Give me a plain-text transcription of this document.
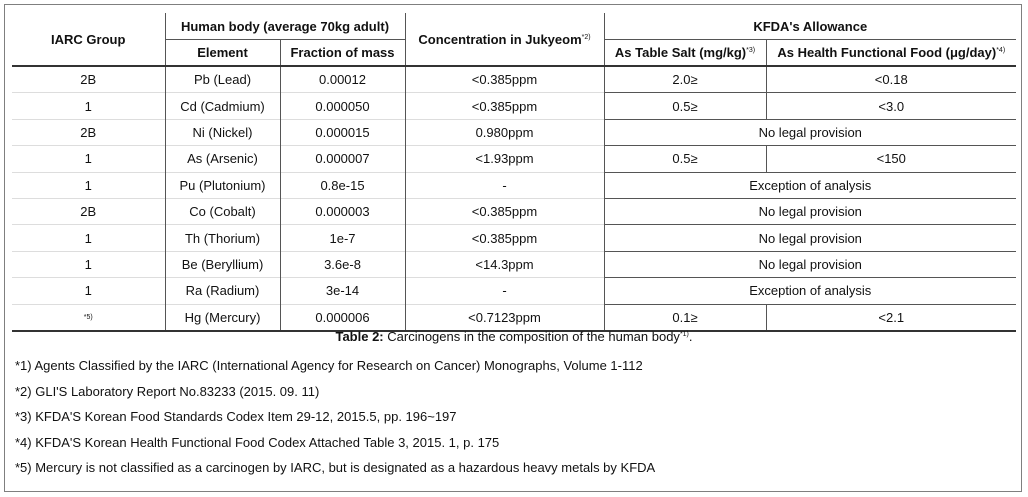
IARC Group	Human body (average 70kg adult)		Concentration in Jukyeom$^{*2)}$	KFDA's Allowance	
	Element	Fraction of mass		As Table Salt $(mg/kg)^{*3)}$	As Health Functional Food $(\mu g/day)^{*4)}$
2B	Pb (Lead)	0.00012	<0.385ppm	2.0≥	<0.18
1	Cd (Cadmium)	0.000050	<0.385ppm	0.5≥	<3.0
2B	Ni (Nickel)	0.000015	0.980ppm	No legal provision	
1	As (Arsenic)	0.000007	<1.93ppm	0.5≥	<150
1	Pu (Plutonium)	0.8e-15	-	Exception of analysis	
2B	Co (Cobalt)	0.000003	<0.385ppm	No legal provision	
1	Th (Thorium)	1e-7	<0.385ppm	No legal provision	
1	Be (Beryllium)	3.6e-8	<14.3ppm	No legal provision	
1	Ra (Radium)	3e-14	-	Exception of analysis	
*5)	Hg (Mercury)	0.000006	<0.7123ppm	0.1≥	<2.1
Table 2: Carcinogens in the composition of the human body$^{*1)}$.
*1) Agents Classified by the IARC (International Agency for Research on Cancer) Monographs, Volume 1-112
*2) GLI'S Laboratory Report No.83233 (2015. 09. 11)
*3) KFDA'S Korean Food Standards Codex Item 29-12, 2015.5, pp. 196~197
*4) KFDA'S Korean Health Functional Food Codex Attached Table 3, 2015. 1, p. 175
*5) Mercury is not classified as a carcinogen by IARC, but is designated as a hazardous heavy metals by KFDA
